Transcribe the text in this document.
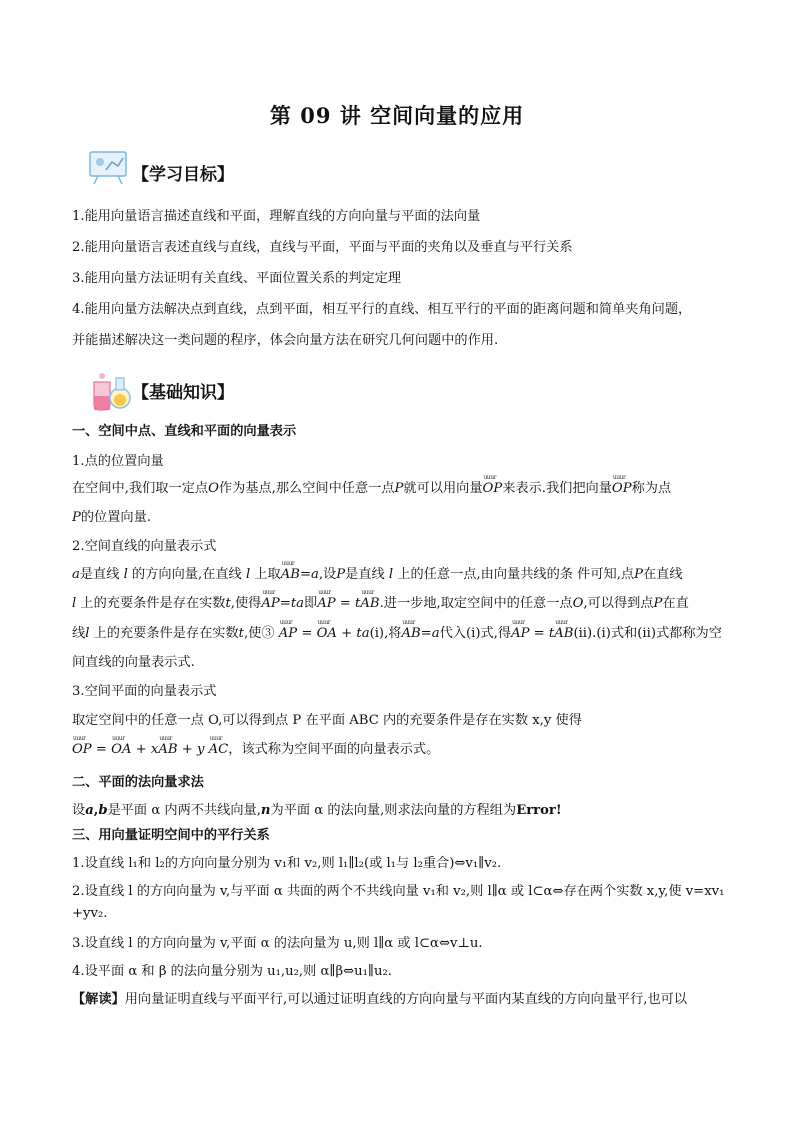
第 09 讲 空间向量的应用
【学习目标】
1.能用向量语言描述直线和平面，理解直线的方向向量与平面的法向量
2.能用向量语言表述直线与直线，直线与平面，平面与平面的夹角以及垂直与平行关系
3.能用向量方法证明有关直线、平面位置关系的判定定理
4.能用向量方法解决点到直线，点到平面，相互平行的直线、相互平行的平面的距离问题和简单夹角问题，
并能描述解决这一类问题的程序，体会向量方法在研究几何问题中的作用.
【基础知识】
一、空间中点、直线和平面的向量表示
1.点的位置向量
在空间中,我们取一定点O作为基点,那么空间中任意一点P就可以用向量uuur OP来表示.我们把向量uuur OP称为点
P的位置向量.
2.空间直线的向量表示式
a是直线 l 的方向向量,在直线 l 上取uuur AB=a,设P是直线 l 上的任意一点,由向量共线的条 件可知,点P在直线
l 上的充要条件是存在实数t,使得uuur AP=ta即uuur AP = tuuur AB.进一步地,取定空间中的任意一点O,可以得到点P在直
线l 上的充要条件是存在实数t,使③ uuur AP = uuur OA + ta(i),将uuur AB=a代入(i)式,得uuur AP = tuuur AB(ii).(i)式和(ii)式都称为空
间直线的向量表示式.
3.空间平面的向量表示式
取定空间中的任意一点 O,可以得到点 P 在平面 ABC 内的充要条件是存在实数 x,y 使得
uuur OP = uuur OA + xuuur AB + y uuur AC，该式称为空间平面的向量表示式。
二、平面的法向量求法
设a,b是平面 α 内两不共线向量,n为平面 α 的法向量,则求法向量的方程组为Error!
三、用向量证明空间中的平行关系
1.设直线 l₁和 l₂的方向向量分别为 v₁和 v₂,则 l₁∥l₂(或 l₁与 l₂重合)⇔v₁∥v₂.
2.设直线 l 的方向向量为 v,与平面 α 共面的两个不共线向量 v₁和 v₂,则 l∥α 或 l⊂α⇔存在两个实数 x,y,使 v=xv₁
+yv₂.
3.设直线 l 的方向向量为 v,平面 α 的法向量为 u,则 l∥α 或 l⊂α⇔v⊥u.
4.设平面 α 和 β 的法向量分别为 u₁,u₂,则 α∥β⇔u₁∥u₂.
【解读】用向量证明直线与平面平行,可以通过证明直线的方向向量与平面内某直线的方向向量平行,也可以
